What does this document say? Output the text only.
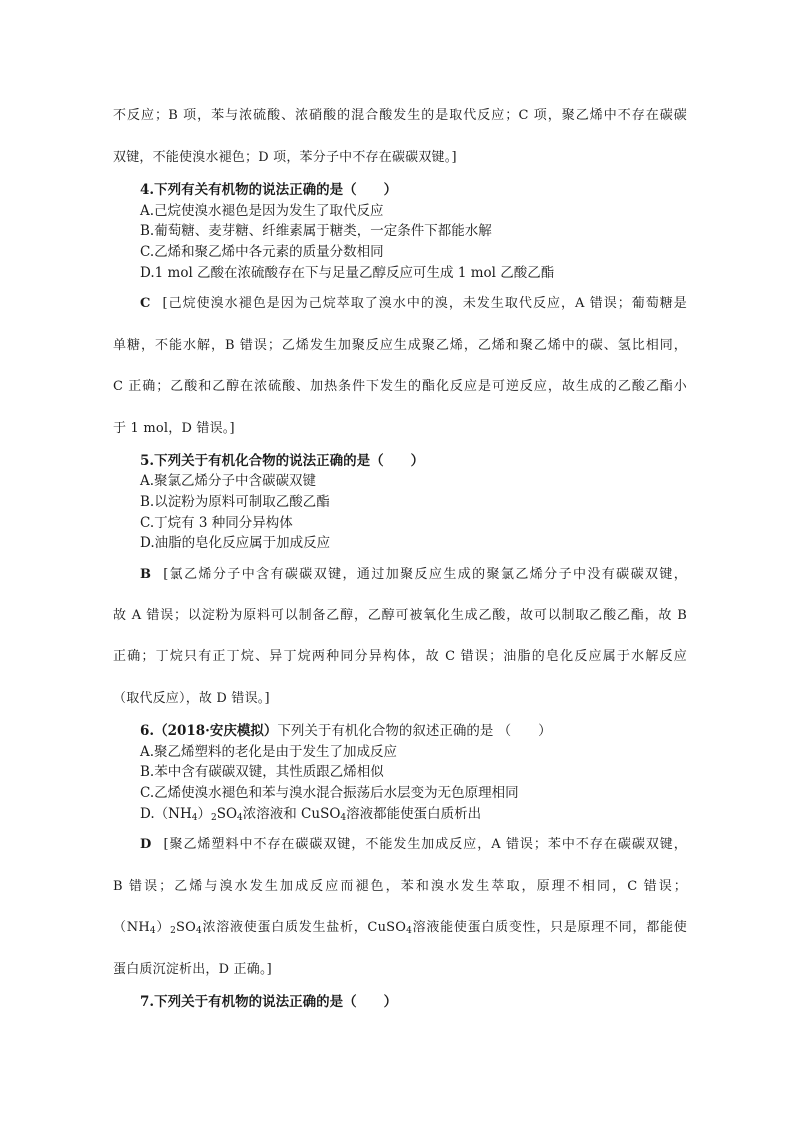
不反应；B 项，苯与浓硫酸、浓硝酸的混合酸发生的是取代反应；C 项，聚乙烯中不存在碳碳
双键，不能使溴水褪色；D 项，苯分子中不存在碳碳双键。]
4.下列有关有机物的说法正确的是（　　）
A.己烷使溴水褪色是因为发生了取代反应
B.葡萄糖、麦芽糖、纤维素属于糖类，一定条件下都能水解
C.乙烯和聚乙烯中各元素的质量分数相同
D.1 mol 乙酸在浓硫酸存在下与足量乙醇反应可生成 1 mol 乙酸乙酯
C [己烷使溴水褪色是因为己烷萃取了溴水中的溴，未发生取代反应，A 错误；葡萄糖是
单糖，不能水解，B 错误；乙烯发生加聚反应生成聚乙烯，乙烯和聚乙烯中的碳、氢比相同，
C 正确；乙酸和乙醇在浓硫酸、加热条件下发生的酯化反应是可逆反应，故生成的乙酸乙酯小
于 1 mol，D 错误。]
5.下列关于有机化合物的说法正确的是（　　）
A.聚氯乙烯分子中含碳碳双键
B.以淀粉为原料可制取乙酸乙酯
C.丁烷有 3 种同分异构体
D.油脂的皂化反应属于加成反应
B [氯乙烯分子中含有碳碳双键，通过加聚反应生成的聚氯乙烯分子中没有碳碳双键，
故 A 错误；以淀粉为原料可以制备乙醇，乙醇可被氧化生成乙酸，故可以制取乙酸乙酯，故 B
正确；丁烷只有正丁烷、异丁烷两种同分异构体，故 C 错误；油脂的皂化反应属于水解反应
（取代反应），故 D 错误。]
6.（2018·安庆模拟）下列关于有机化合物的叙述正确的是 （　　）
A.聚乙烯塑料的老化是由于发生了加成反应
B.苯中含有碳碳双键，其性质跟乙烯相似
C.乙烯使溴水褪色和苯与溴水混合振荡后水层变为无色原理相同
$D.(NH_4)_2SO_4$浓溶液和 CuSO$_4$溶液都能使蛋白质析出
D [聚乙烯塑料中不存在碳碳双键，不能发生加成反应，A 错误；苯中不存在碳碳双键，
B 错误；乙烯与溴水发生加成反应而褪色，苯和溴水发生萃取，原理不相同，C 错误；
$(NH_4)_2SO_4$浓溶液使蛋白质发生盐析，CuSO$_4$溶液能使蛋白质变性，只是原理不同，都能使
蛋白质沉淀析出，D 正确。]
7.下列关于有机物的说法正确的是（　　）
